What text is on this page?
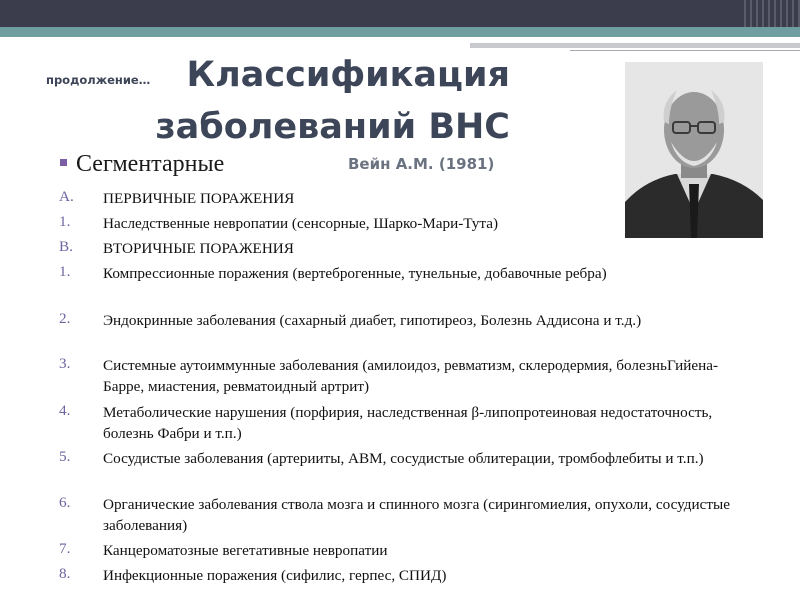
продолжение… Классификация
заболеваний ВНС
Вейн А.М. (1981)
Сегментарные
A.	ПЕРВИЧНЫЕ ПОРАЖЕНИЯ
1.	Наследственные невропатии (сенсорные, Шарко-Мари-Тута)
B.	ВТОРИЧНЫЕ ПОРАЖЕНИЯ
1.	Компрессионные поражения (вертеброгенные, тунельные, добавочные ребра)
2.	Эндокринные заболевания (сахарный диабет, гипотиреоз, Болезнь Аддисона и т.д.)
3.	Системные аутоиммунные заболевания (амилоидоз, ревматизм, склеродермия, болезньГийена-Барре, миастения, ревматоидный артрит)
4.	Метаболические нарушения (порфирия, наследственная β-липопротеиновая недостаточность, болезнь Фабри и т.п.)
5.	Сосудистые заболевания (артерииты, АВМ, сосудистые облитерации, тромбофлебиты и т.п.)
6.	Органические заболевания ствола мозга и спинного мозга (сирингомиелия, опухоли, сосудистые заболевания)
7.	Канцероматозные вегетативные невропатии
8.	Инфекционные поражения (сифилис, герпес, СПИД)
